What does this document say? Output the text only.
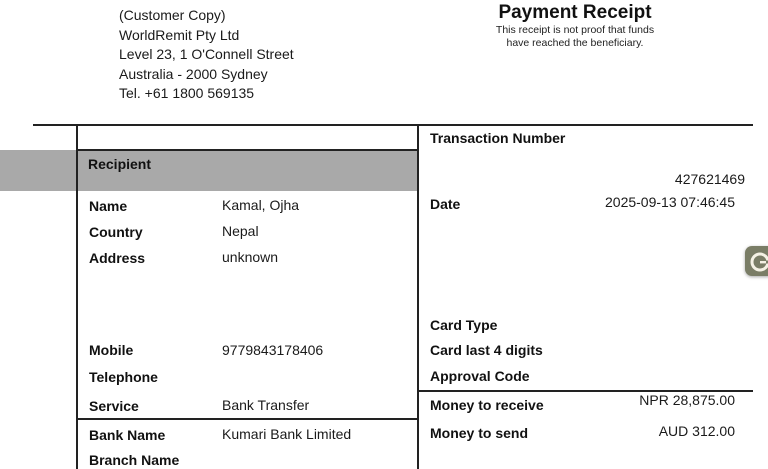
(Customer Copy)
WorldRemit Pty Ltd
Level 23, 1 O'Connell Street
Australia - 2000 Sydney
Tel. +61 1800 569135
Payment Receipt
This receipt is not proof that funds
have reached the beneficiary.
Recipient
Name	Kamal, Ojha
Country	Nepal
Address	unknown
Mobile	9779843178406
Telephone
Service	Bank Transfer
Bank Name	Kumari Bank Limited
Branch Name
Transaction Number
427621469
Date	2025-09-13 07:46:45
Card Type
Card last 4 digits
Approval Code
Money to receive	NPR 28,875.00
Money to send	AUD 312.00
